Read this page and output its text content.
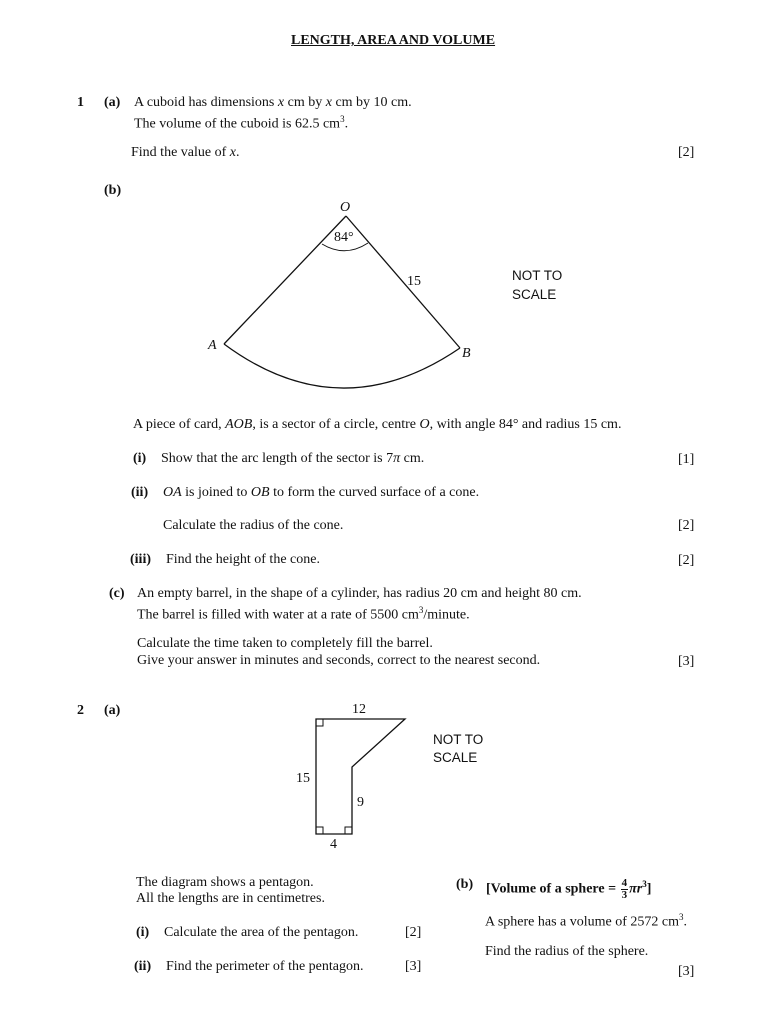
LENGTH, AREA AND VOLUME
1 (a) A cuboid has dimensions x cm by x cm by 10 cm.
The volume of the cuboid is 62.5 $cm^3$.
Find the value of x.	[2]
(b)
O
A
B
84°
15	NOT TO
SCALE
A piece of card, AOB, is a sector of a circle, centre O, with angle 84° and radius 15 cm.
(i) Show that the arc length of the sector is 7π cm.	[1]
(ii) OA is joined to OB to form the curved surface of a cone.
Calculate the radius of the cone.	[2]
(iii) Find the height of the cone.	[2]
(c) An empty barrel, in the shape of a cylinder, has radius 20 cm and height 80 cm.
The barrel is filled with water at a rate of 5500 $cm^3$/minute.
Calculate the time taken to completely fill the barrel.
Give your answer in minutes and seconds, correct to the nearest second.	[3]
2 (a)	12
15
9
4
NOT TO
SCALE
The diagram shows a pentagon.
All the lengths are in centimetres.
(i) Calculate the area of the pentagon.	[2]
(ii) Find the perimeter of the pentagon.	[3]
(b) [Volume of a sphere = $\frac{4}{3} \pi r^3$]
A sphere has a volume of 2572 $cm^3$.
Find the radius of the sphere.
[3]
